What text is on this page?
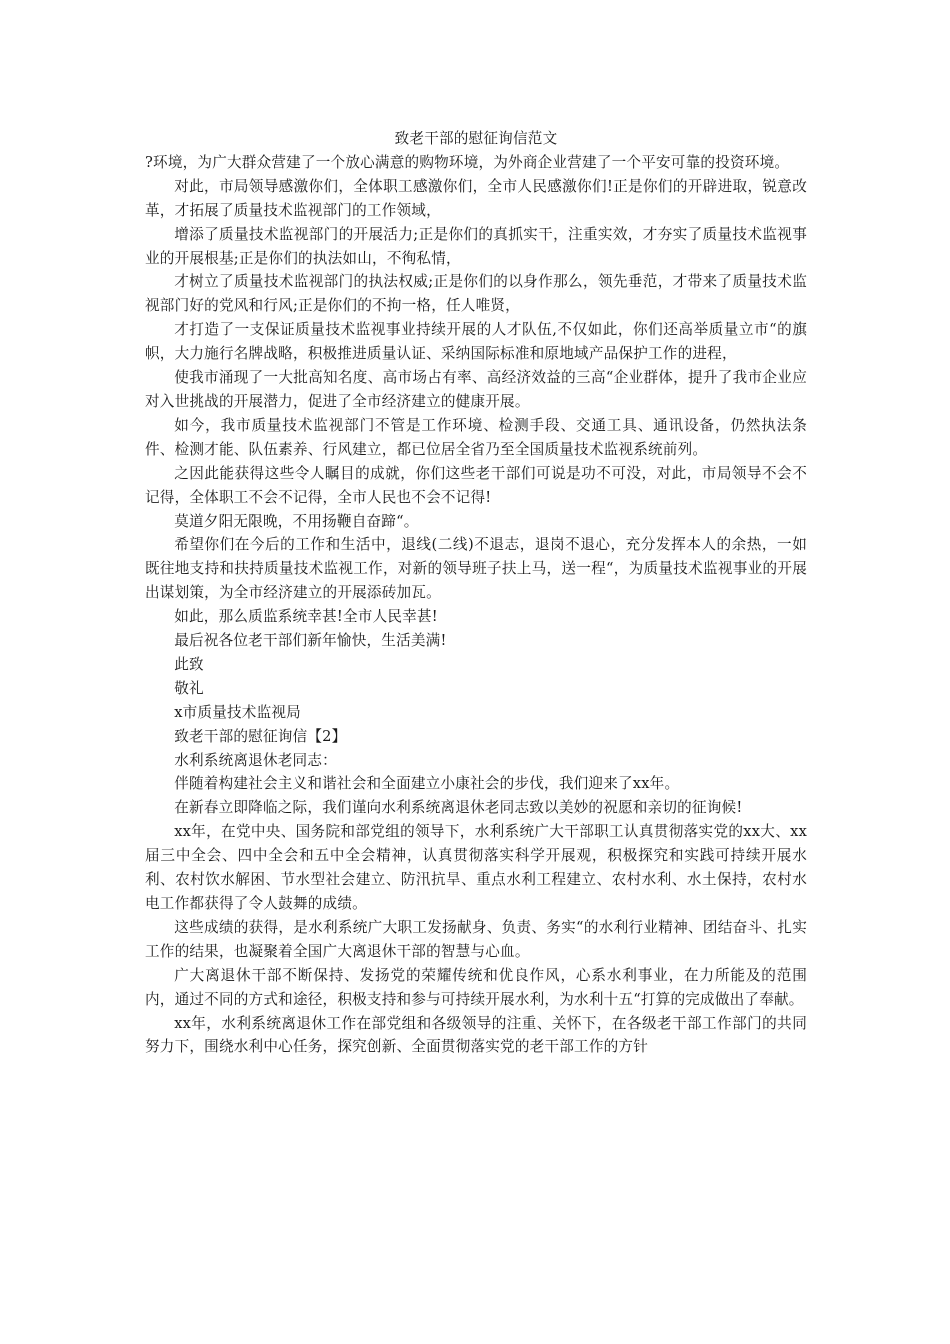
致老干部的慰征询信范文

?环境，为广大群众营建了一个放心满意的购物环境，为外商企业营建了一个平安可靠的投资环境。

对此，市局领导感激你们，全体职工感激你们，全市人民感激你们!正是你们的开辟进取，锐意改革，才拓展了质量技术监视部门的工作领域，

增添了质量技术监视部门的开展活力;正是你们的真抓实干，注重实效，才夯实了质量技术监视事业的开展根基;正是你们的执法如山，不徇私情，

才树立了质量技术监视部门的执法权威;正是你们的以身作那么，领先垂范，才带来了质量技术监视部门好的党风和行风;正是你们的不拘一格，任人唯贤，

才打造了一支保证质量技术监视事业持续开展的人才队伍,不仅如此，你们还高举质量立市“的旗帜，大力施行名牌战略，积极推进质量认证、采纳国际标准和原地域产品保护工作的进程，

使我市涌现了一大批高知名度、高市场占有率、高经济效益的三高“企业群体，提升了我市企业应对入世挑战的开展潜力，促进了全市经济建立的健康开展。

如今，我市质量技术监视部门不管是工作环境、检测手段、交通工具、通讯设备，仍然执法条件、检测才能、队伍素养、行风建立，都已位居全省乃至全国质量技术监视系统前列。

之因此能获得这些令人瞩目的成就，你们这些老干部们可说是功不可没，对此，市局领导不会不记得，全体职工不会不记得，全市人民也不会不记得!

莫道夕阳无限晚，不用扬鞭自奋蹄“。

希望你们在今后的工作和生活中，退线(二线)不退志，退岗不退心，充分发挥本人的余热，一如既往地支持和扶持质量技术监视工作，对新的领导班子扶上马，送一程“，为质量技术监视事业的开展出谋划策，为全市经济建立的开展添砖加瓦。

如此，那么质监系统幸甚!全市人民幸甚!

最后祝各位老干部们新年愉快，生活美满!

此致

敬礼

x市质量技术监视局

致老干部的慰征询信【2】

水利系统离退休老同志：

伴随着构建社会主义和谐社会和全面建立小康社会的步伐，我们迎来了xx年。

在新春立即降临之际，我们谨向水利系统离退休老同志致以美妙的祝愿和亲切的征询候!

xx年，在党中央、国务院和部党组的领导下，水利系统广大干部职工认真贯彻落实党的xx大、xx届三中全会、四中全会和五中全会精神，认真贯彻落实科学开展观，积极探究和实践可持续开展水利、农村饮水解困、节水型社会建立、防汛抗旱、重点水利工程建立、农村水利、水土保持，农村水电工作都获得了令人鼓舞的成绩。

这些成绩的获得，是水利系统广大职工发扬献身、负责、务实“的水利行业精神、团结奋斗、扎实工作的结果，也凝聚着全国广大离退休干部的智慧与心血。

广大离退休干部不断保持、发扬党的荣耀传统和优良作风，心系水利事业，在力所能及的范围内，通过不同的方式和途径，积极支持和参与可持续开展水利，为水利十五“打算的完成做出了奉献。

xx年，水利系统离退休工作在部党组和各级领导的注重、关怀下，在各级老干部工作部门的共同努力下，围绕水利中心任务，探究创新、全面贯彻落实党的老干部工作的方针
